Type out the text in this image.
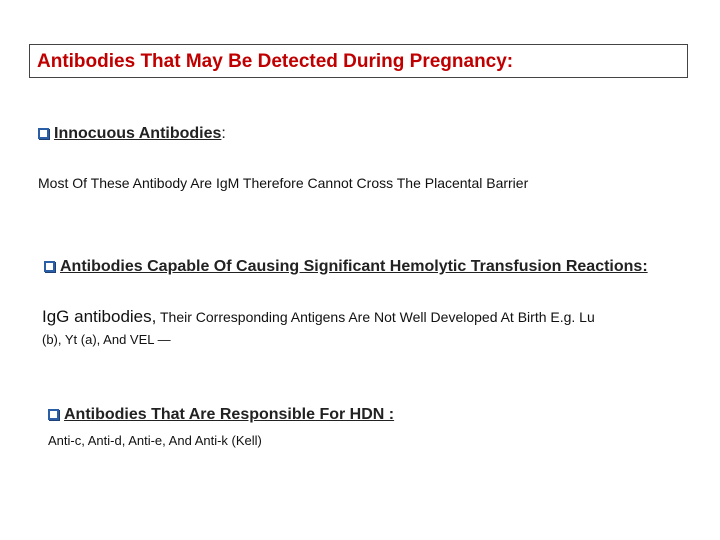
Antibodies That May Be Detected During Pregnancy:
Innocuous Antibodies:
Most Of These Antibody Are IgM Therefore Cannot Cross The Placental Barrier
Antibodies Capable Of Causing Significant Hemolytic Transfusion Reactions:
IgG antibodies, Their Corresponding Antigens Are Not Well Developed At Birth E.g. Lu
(b), Yt (a), And VEL —
Antibodies That Are Responsible For HDN :
Anti-c, Anti-d, Anti-e, And Anti-k (Kell)
